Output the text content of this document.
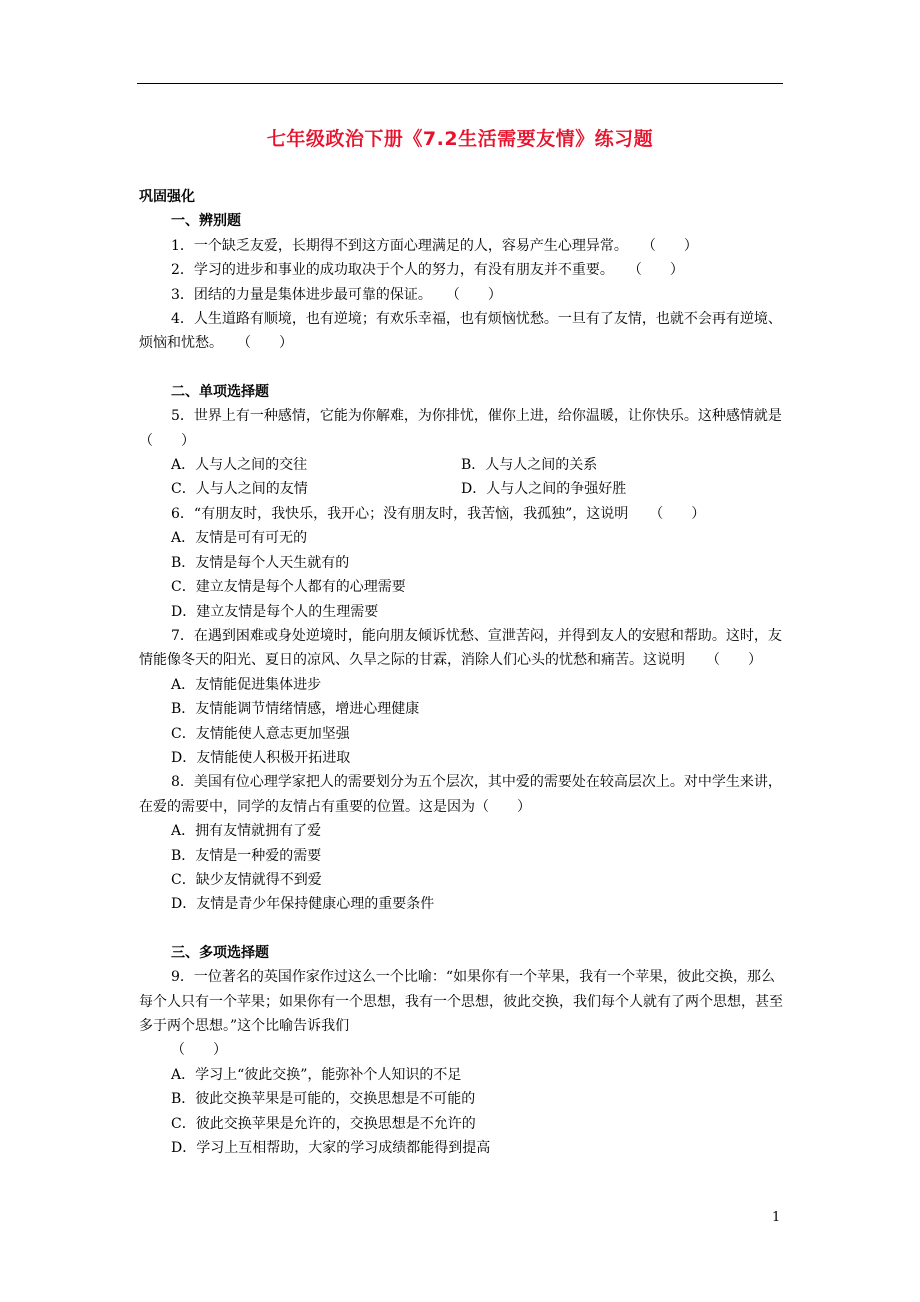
七年级政治下册《7.2生活需要友情》练习题
巩固强化
一、辨别题

1．一个缺乏友爱，长期得不到这方面心理满足的人，容易产生心理异常。　　（　　）

2．学习的进步和事业的成功取决于个人的努力，有没有朋友并不重要。　　（　　）

3．团结的力量是集体进步最可靠的保证。　　（　　）

4．人生道路有顺境，也有逆境；有欢乐幸福，也有烦恼忧愁。一旦有了友情，也就不会再有逆境、烦恼和忧愁。　　（　　）

二、单项选择题

5．世界上有一种感情，它能为你解难，为你排忧，催你上进，给你温暖，让你快乐。这种感情就是　　（　　）

A．人与人之间的交往	B．人与人之间的关系
C．人与人之间的友情	D．人与人之间的争强好胜

6．“有朋友时，我快乐，我开心；没有朋友时，我苦恼，我孤独”，这说明　　（　　）

A．友情是可有可无的

B．友情是每个人天生就有的

C．建立友情是每个人都有的心理需要

D．建立友情是每个人的生理需要

7．在遇到困难或身处逆境时，能向朋友倾诉忧愁、宣泄苦闷，并得到友人的安慰和帮助。这时，友情能像冬天的阳光、夏日的凉风、久旱之际的甘霖，消除人们心头的忧愁和痛苦。这说明　　（　　）

A．友情能促进集体进步

B．友情能调节情绪情感，增进心理健康

C．友情能使人意志更加坚强

D．友情能使人积极开拓进取

8．美国有位心理学家把人的需要划分为五个层次，其中爱的需要处在较高层次上。对中学生来讲，在爱的需要中，同学的友情占有重要的位置。这是因为（　　）

A．拥有友情就拥有了爱

B．友情是一种爱的需要

C．缺少友情就得不到爱

D．友情是青少年保持健康心理的重要条件

三、多项选择题

9．一位著名的英国作家作过这么一个比喻：“如果你有一个苹果，我有一个苹果，彼此交换，那么每个人只有一个苹果；如果你有一个思想，我有一个思想，彼此交换，我们每个人就有了两个思想，甚至多于两个思想。”这个比喻告诉我们

（　　）

A．学习上“彼此交换”，能弥补个人知识的不足

B．彼此交换苹果是可能的，交换思想是不可能的

C．彼此交换苹果是允许的，交换思想是不允许的

D．学习上互相帮助，大家的学习成绩都能得到提高

1
